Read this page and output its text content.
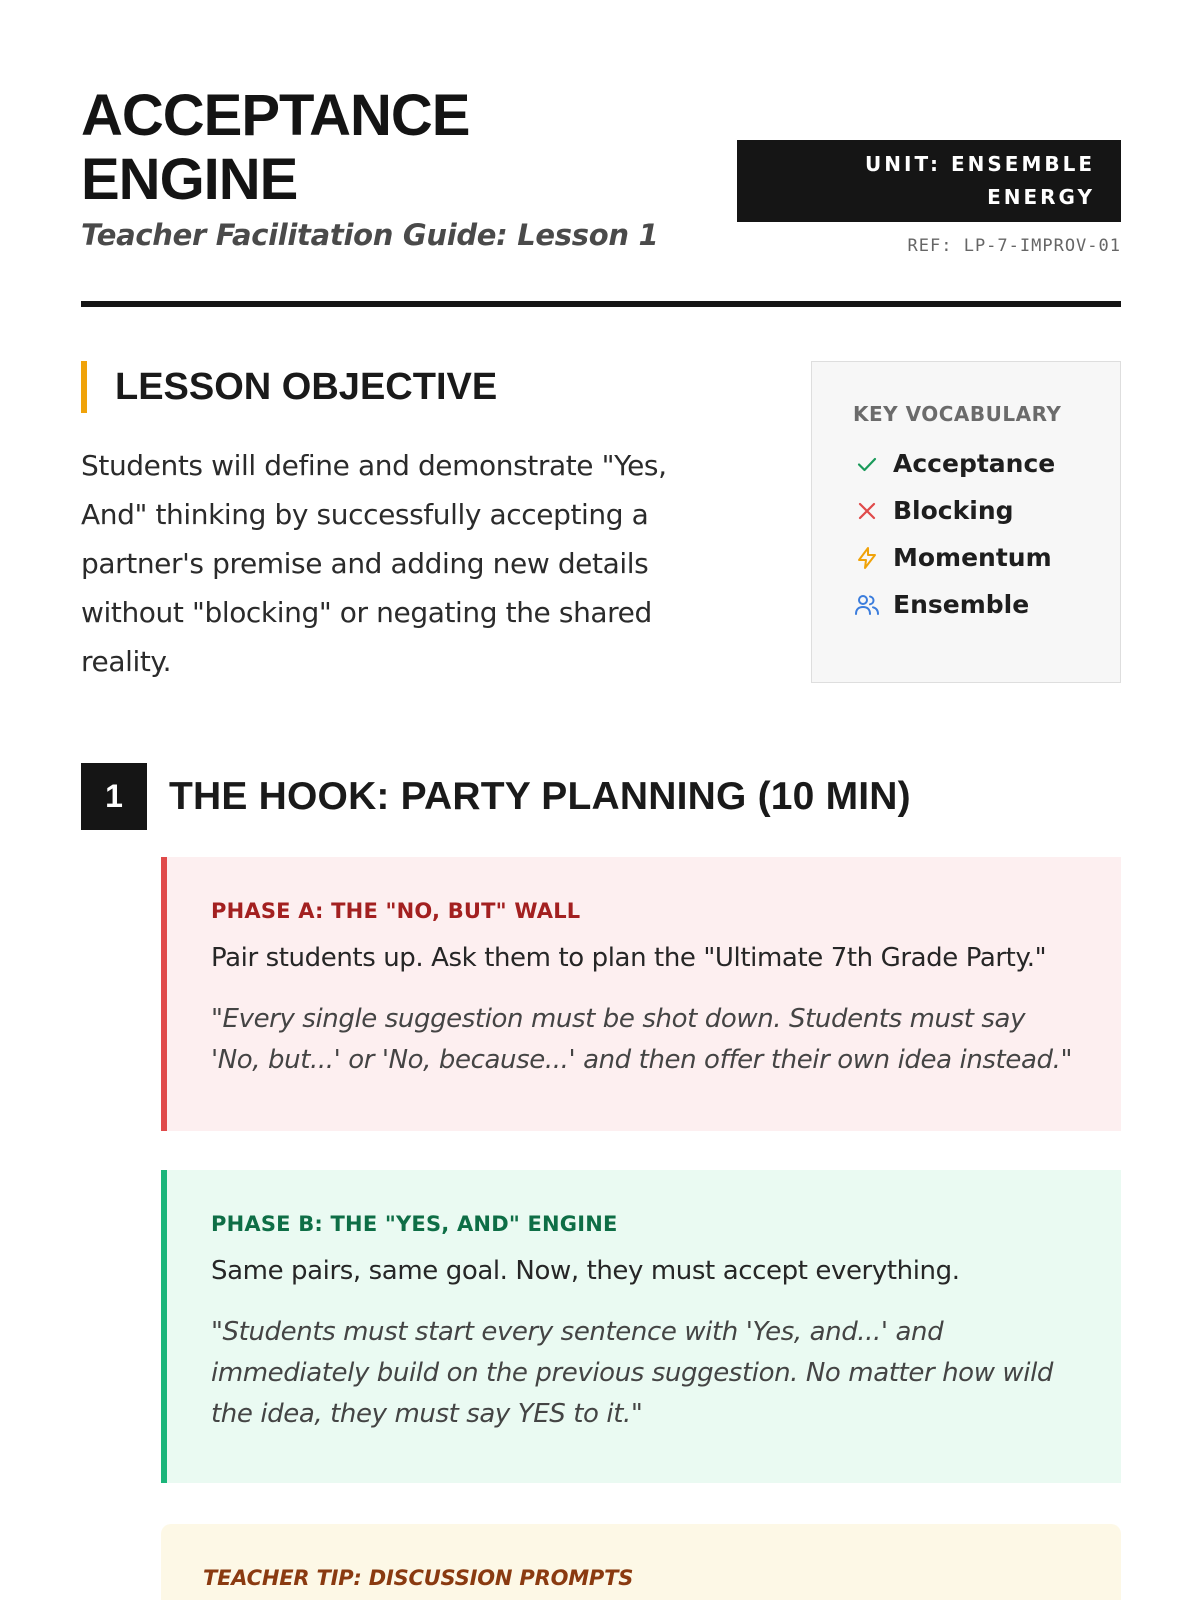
ACCEPTANCE
ENGINE
Teacher Facilitation Guide: Lesson 1
UNIT: ENSEMBLE ENERGY
REF: LP-7-IMPROV-01
LESSON OBJECTIVE

Students will define and demonstrate "Yes, And" thinking by successfully accepting a partner's premise and adding new details without "blocking" or negating the shared reality.

KEY VOCABULARY
Acceptance
Blocking
Momentum
Ensemble
1	THE HOOK: PARTY PLANNING (10 MIN)
PHASE A: THE "NO, BUT" WALL

Pair students up. Ask them to plan the "Ultimate 7th Grade Party."

"Every single suggestion must be shot down. Students must say 'No, but...' or 'No, because...' and then offer their own idea instead."

PHASE B: THE "YES, AND" ENGINE

Same pairs, same goal. Now, they must accept everything.

"Students must start every sentence with 'Yes, and...' and immediately build on the previous suggestion. No matter how wild the idea, they must say YES to it."

TEACHER TIP: DISCUSSION PROMPTS
